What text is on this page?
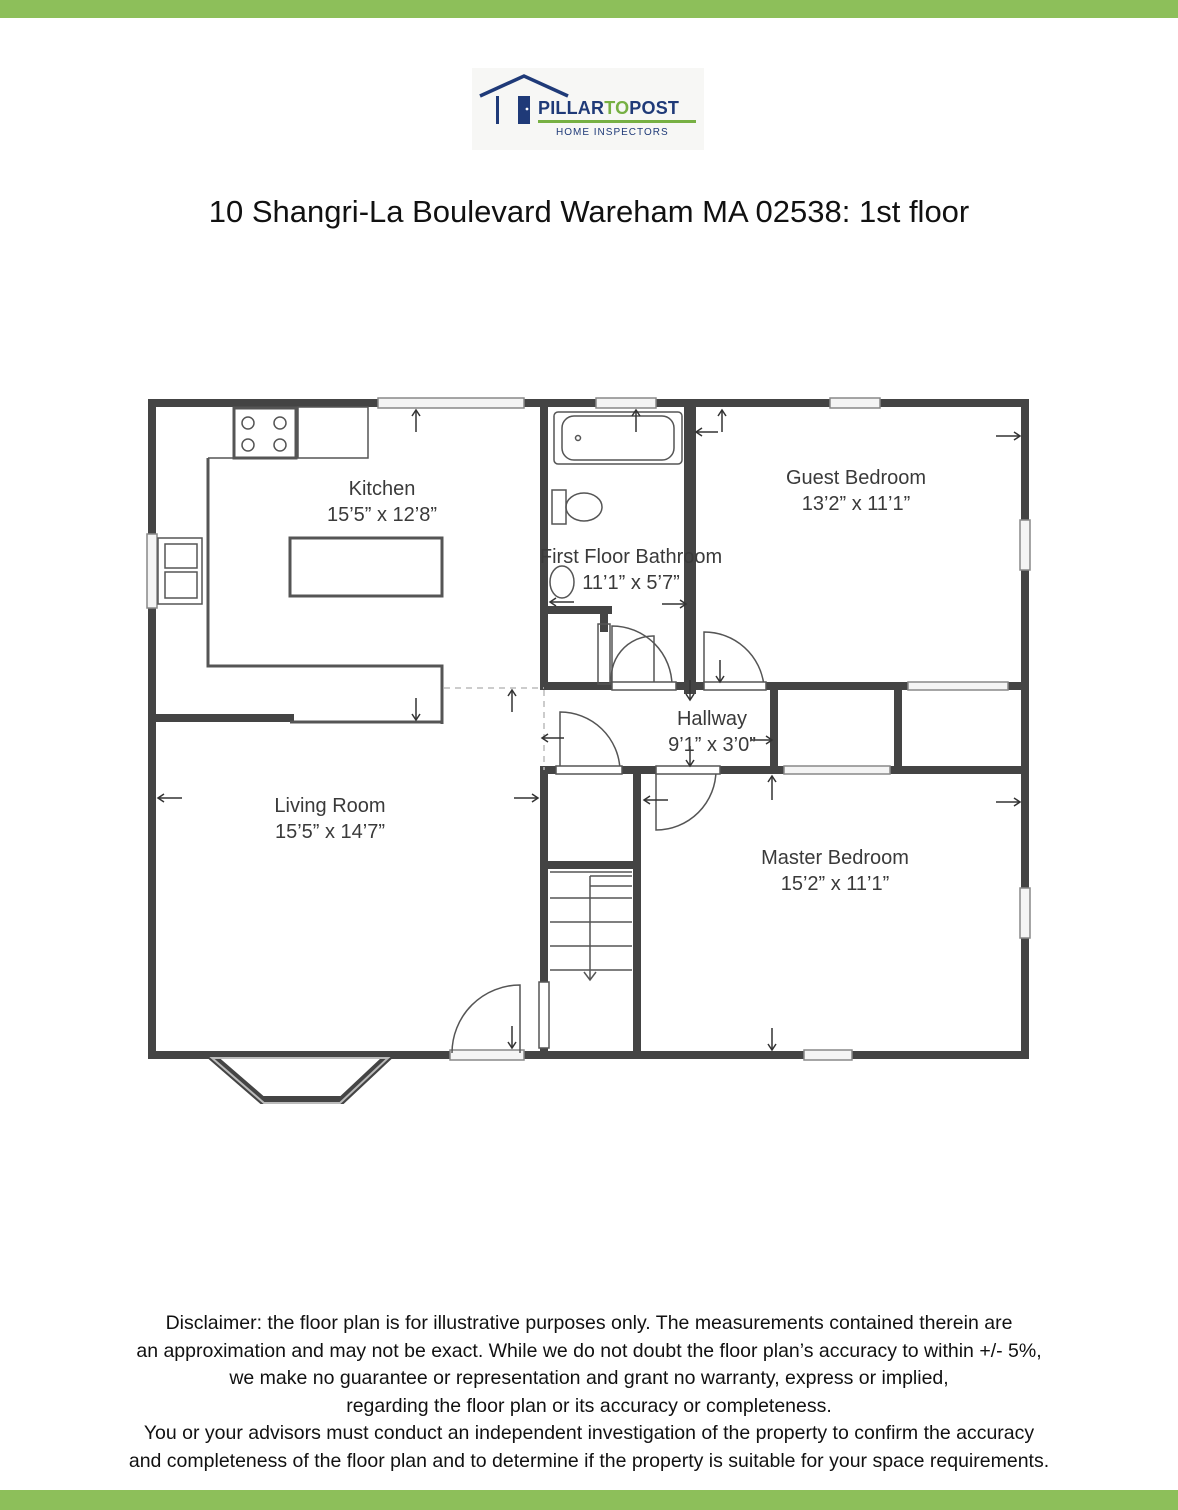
PILLARTOPOST
HOME INSPECTORS
10 Shangri-La Boulevard Wareham MA 02538: 1st floor
Kitchen
15’5” x 12’8”
First Floor Bathroom
11’1” x 5’7”
Guest Bedroom
13’2” x 11’1”
Hallway
9’1” x 3’0”
Living Room
15’5” x 14’7”
Master Bedroom
15’2” x 11’1”
Disclaimer: the floor plan is for illustrative purposes only. The measurements contained therein are
an approximation and may not be exact. While we do not doubt the floor plan’s accuracy to within +/- 5%,
we make no guarantee or representation and grant no warranty, express or implied,
regarding the floor plan or its accuracy or completeness.
You or your advisors must conduct an independent investigation of the property to confirm the accuracy
and completeness of the floor plan and to determine if the property is suitable for your space requirements.
